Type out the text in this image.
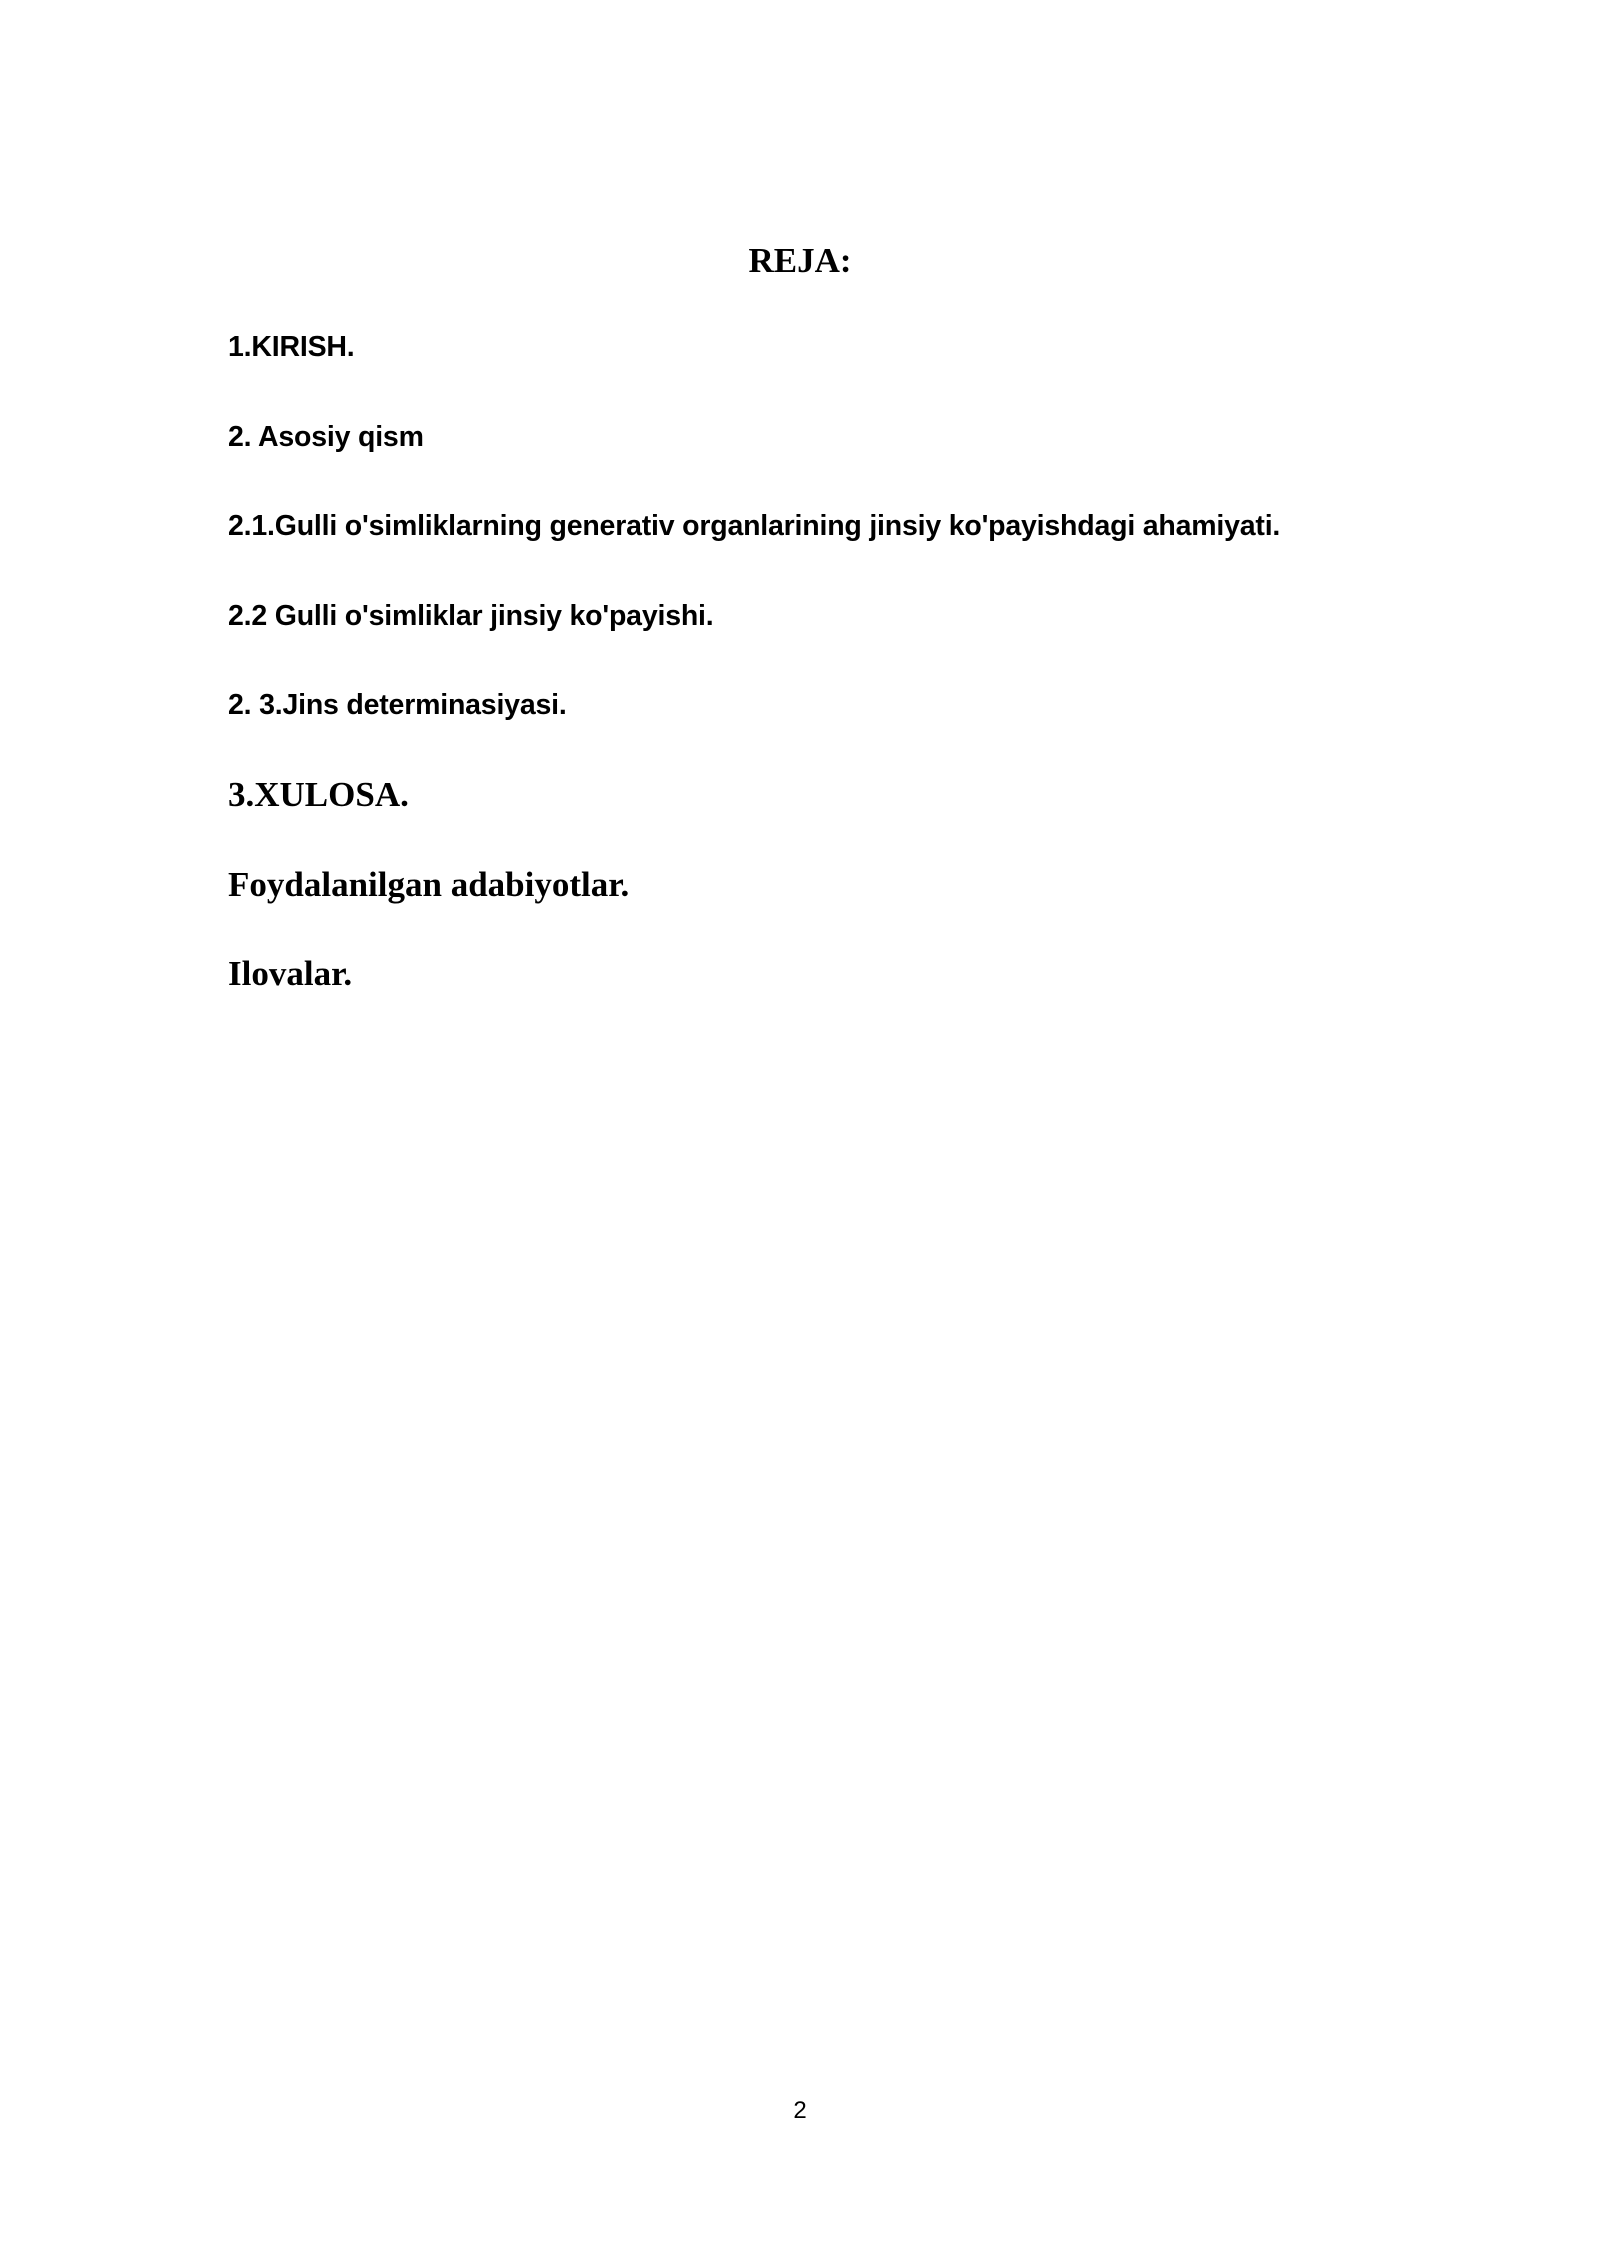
REJA:
1.KIRISH.
2. Asosiy qism
2.1.Gulli o'simliklarning generativ organlarining jinsiy ko'payishdagi ahamiyati.
2.2 Gulli o'simliklar jinsiy ko'payishi.
2. 3.Jins determinasiyasi.
3.XULOSA.
Foydalanilgan adabiyotlar.
Ilovalar.
2
